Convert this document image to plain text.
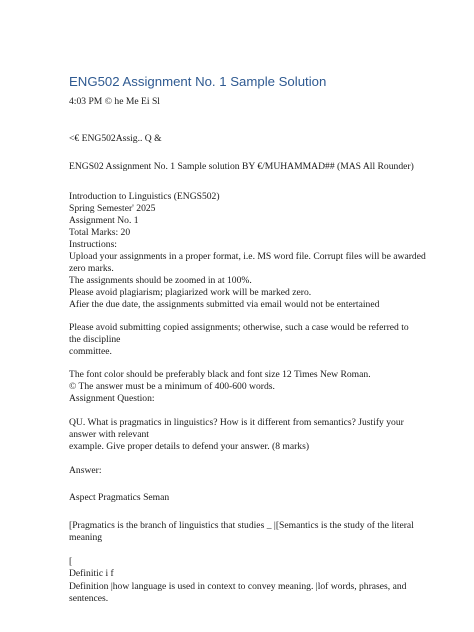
ENG502 Assignment No. 1 Sample Solution
4:03 PM © he Me Ei Sl
<€ ENG502Assig.. Q &
ENGS02 Assignment No. 1 Sample solution BY €/MUHAMMAD## (MAS All Rounder)
Introduction to Linguistics (ENGS502)
Spring Semester' 2025
Assignment No. 1
Total Marks: 20
Instructions:
Upload your assignments in a proper format, i.e. MS word file. Corrupt files will be awarded
zero marks.
The assignments should be zoomed in at 100%.
Please avoid plagiarism; plagiarized work will be marked zero.
Afier the due date, the assignments submitted via email would not be entertained
Please avoid submitting copied assignments; otherwise, such a case would be referred to
the discipline
committee.
The font color should be preferably black and font size 12 Times New Roman.
© The answer must be a minimum of 400-600 words.
Assignment Question:
QU. What is pragmatics in linguistics? How is it different from semantics? Justify your
answer with relevant
example. Give proper details to defend your answer. (8 marks)
Answer:
Aspect Pragmatics Seman
[Pragmatics is the branch of linguistics that studies _ |[Semantics is the study of the literal
meaning
[
Definitic i f
Definition |how language is used in context to convey meaning. |lof words, phrases, and
sentences.
